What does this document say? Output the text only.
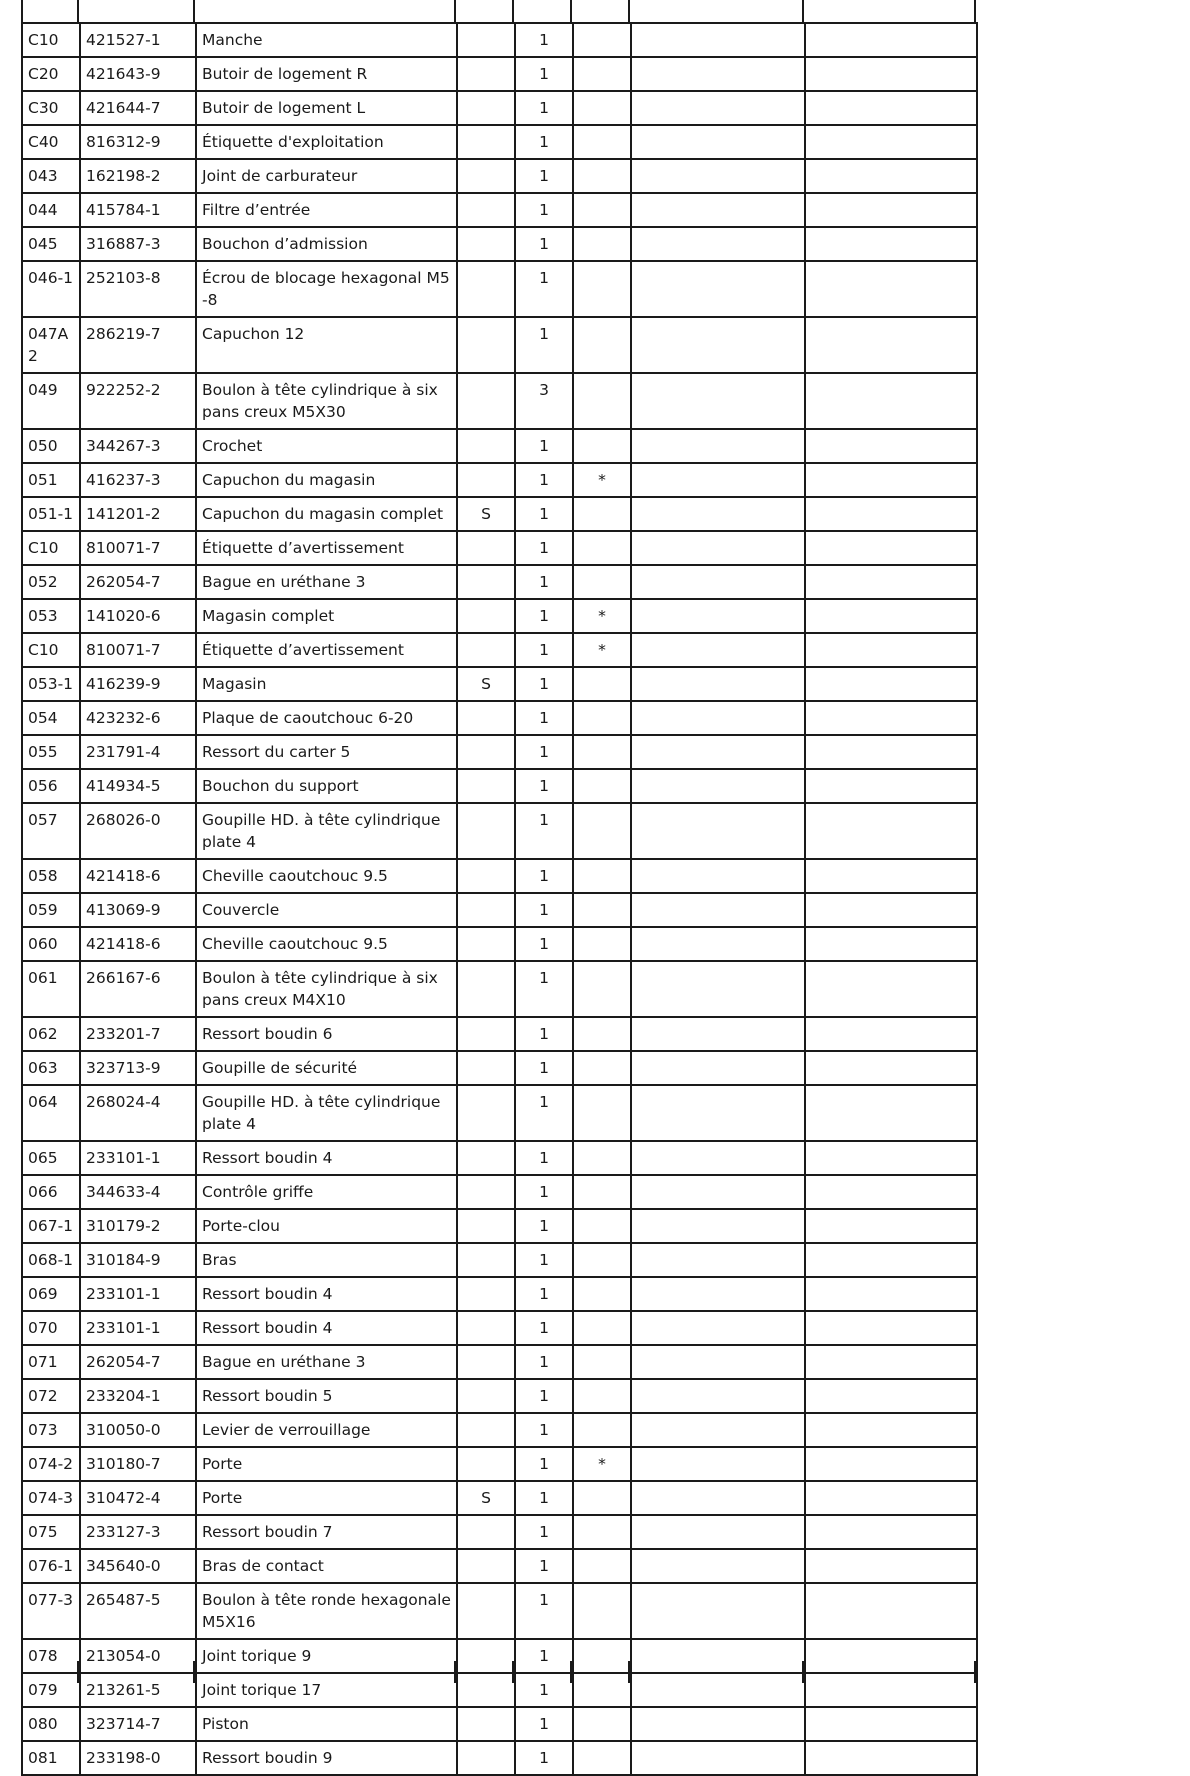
C10	421527-1	Manche		1			
C20	421643-9	Butoir de logement R		1			
C30	421644-7	Butoir de logement L		1			
C40	816312-9	Étiquette d'exploitation		1			
043	162198-2	Joint de carburateur		1			
044	415784-1	Filtre d’entrée		1			
045	316887-3	Bouchon d’admission		1			
046-1	252103-8	Écrou de blocage hexagonal M5-8		1			
047A2	286219-7	Capuchon 12		1			
049	922252-2	Boulon à tête cylindrique à six pans creux M5X30		3			
050	344267-3	Crochet		1			
051	416237-3	Capuchon du magasin		1	*		
051-1	141201-2	Capuchon du magasin complet	S	1			
C10	810071-7	Étiquette d’avertissement		1			
052	262054-7	Bague en uréthane 3		1			
053	141020-6	Magasin complet		1	*		
C10	810071-7	Étiquette d’avertissement		1	*		
053-1	416239-9	Magasin	S	1			
054	423232-6	Plaque de caoutchouc 6-20		1			
055	231791-4	Ressort du carter 5		1			
056	414934-5	Bouchon du support		1			
057	268026-0	Goupille HD. à tête cylindrique plate 4		1			
058	421418-6	Cheville caoutchouc 9.5		1			
059	413069-9	Couvercle		1			
060	421418-6	Cheville caoutchouc 9.5		1			
061	266167-6	Boulon à tête cylindrique à six pans creux M4X10		1			
062	233201-7	Ressort boudin 6		1			
063	323713-9	Goupille de sécurité		1			
064	268024-4	Goupille HD. à tête cylindrique plate 4		1			
065	233101-1	Ressort boudin 4		1			
066	344633-4	Contrôle griffe		1			
067-1	310179-2	Porte-clou		1			
068-1	310184-9	Bras		1			
069	233101-1	Ressort boudin 4		1			
070	233101-1	Ressort boudin 4		1			
071	262054-7	Bague en uréthane 3		1			
072	233204-1	Ressort boudin 5		1			
073	310050-0	Levier de verrouillage		1			
074-2	310180-7	Porte		1	*		
074-3	310472-4	Porte	S	1			
075	233127-3	Ressort boudin 7		1			
076-1	345640-0	Bras de contact		1			
077-3	265487-5	Boulon à tête ronde hexagonale M5X16		1			
078	213054-0	Joint torique 9		1			
079	213261-5	Joint torique 17		1			
080	323714-7	Piston		1			
081	233198-0	Ressort boudin 9		1			
